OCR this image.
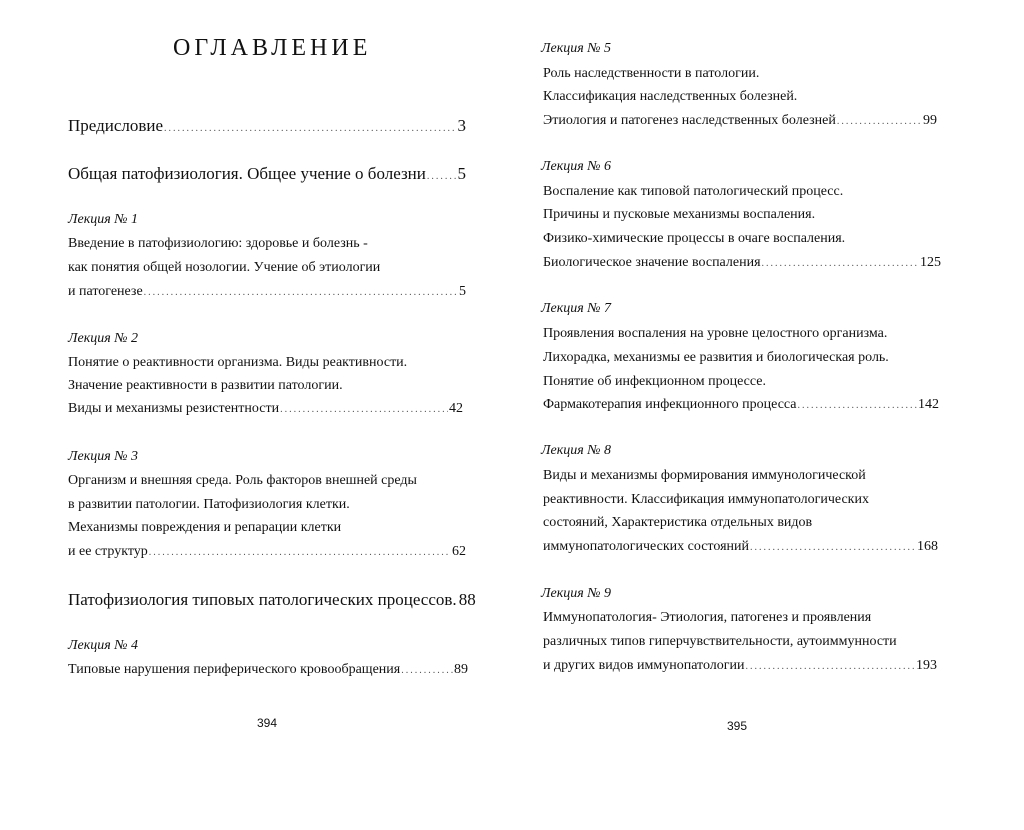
ОГЛАВЛЕНИЕ
Предисловие .....	3
Общая патофизиология. Общее учение о болезни ..... 5
Лекция № 1
Введение в патофизиологию: здоровье и болезнь -
как понятия общей нозологии. Учение об этиологии
и патогенезе .....	5
Лекция № 2
Понятие о реактивности организма. Виды реактивности.
Значение реактивности в развитии патологии.
Виды и механизмы резистентности .....	42
Лекция № 3
Организм и внешняя среда. Роль факторов внешней среды
в развитии патологии. Патофизиология клетки.
Механизмы повреждения и репарации клетки
и ее структур .....	62
Патофизиология типовых патологических процессов. 88
Лекция № 4
Типовые нарушения периферического кровообращения .....	89
394
Лекция № 5
Роль наследственности в патологии.
Классификация наследственных болезней.
Этиология и патогенез наследственных болезней .....	99
Лекция № 6
Воспаление как типовой патологический процесс.
Причины и пусковые механизмы воспаления.
Физико-химические процессы в очаге воспаления.
Биологическое значение воспаления .....	125
Лекция № 7
Проявления воспаления на уровне целостного организма.
Лихорадка, механизмы ее развития и биологическая роль.
Понятие об инфекционном процессе.
Фармакотерапия инфекционного процесса .....	142
Лекция № 8
Виды и механизмы формирования иммунологической
реактивности. Классификация иммунопатологических
состояний, Характеристика отдельных видов
иммунопатологических состояний .....	168
Лекция № 9
Иммунопатология- Этиология, патогенез и проявления
различных типов гиперчувствительности, аутоиммунности
и других видов иммунопатологии .....	193
395
